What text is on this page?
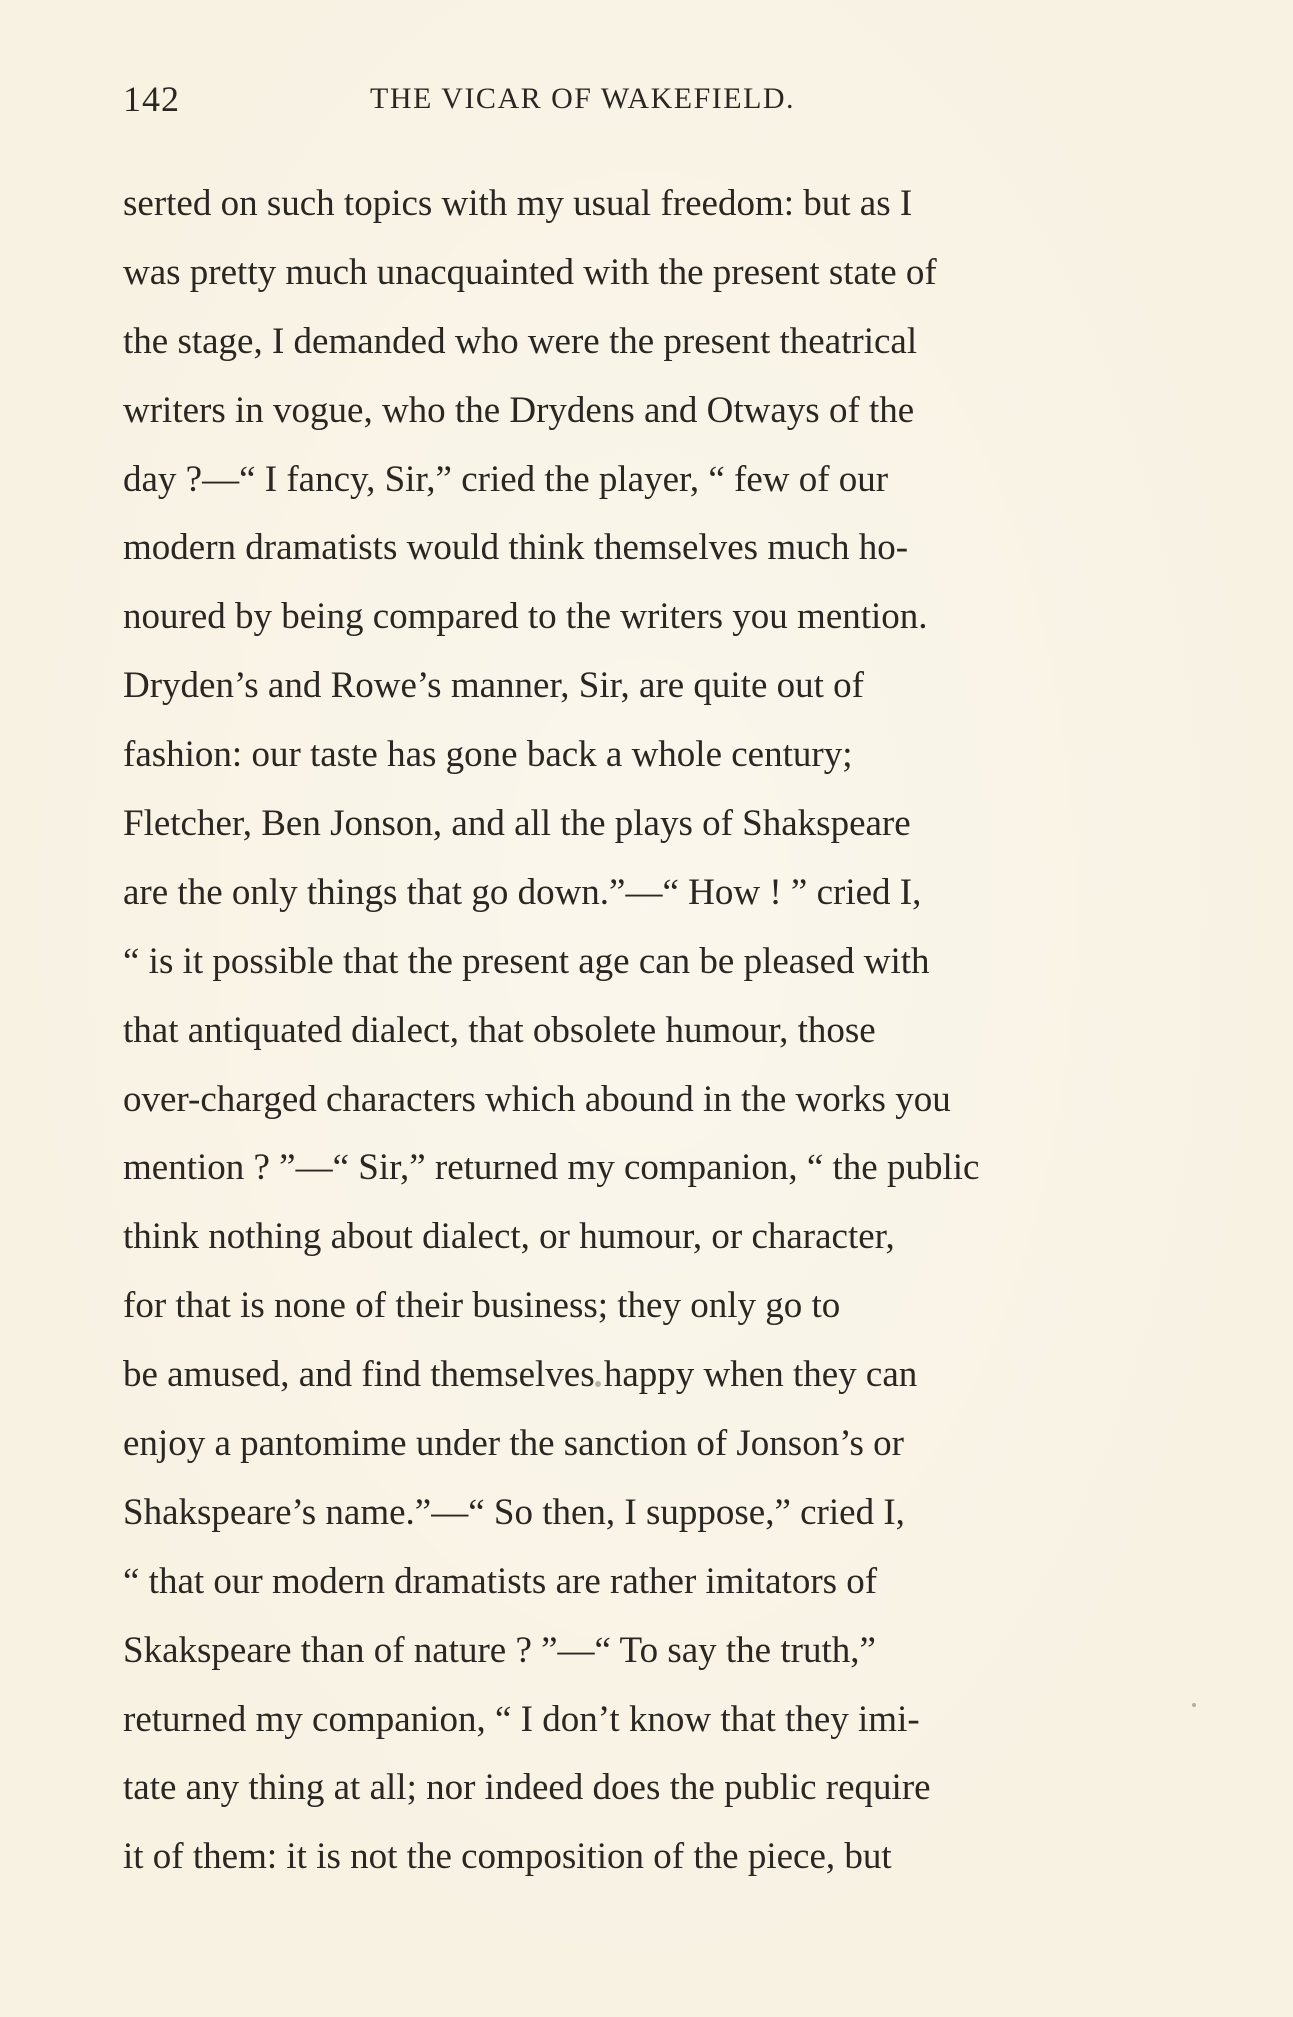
142	THE VICAR OF WAKEFIELD.
serted on such topics with my usual freedom: but as I
was pretty much unacquainted with the present state of
the stage, I demanded who were the present theatrical
writers in vogue, who the Drydens and Otways of the
day ?—“ I fancy, Sir,” cried the player, “ few of our
modern dramatists would think themselves much ho-
noured by being compared to the writers you mention.
Dryden’s and Rowe’s manner, Sir, are quite out of
fashion: our taste has gone back a whole century;
Fletcher, Ben Jonson, and all the plays of Shakspeare
are the only things that go down.”—“ How ! ” cried I,
“ is it possible that the present age can be pleased with
that antiquated dialect, that obsolete humour, those
over-charged characters which abound in the works you
mention ? ”—“ Sir,” returned my companion, “ the public
think nothing about dialect, or humour, or character,
for that is none of their business; they only go to
be amused, and find themselves happy when they can
enjoy a pantomime under the sanction of Jonson’s or
Shakspeare’s name.”—“ So then, I suppose,” cried I,
“ that our modern dramatists are rather imitators of
Skakspeare than of nature ? ”—“ To say the truth,”
returned my companion, “ I don’t know that they imi-
tate any thing at all; nor indeed does the public require
it of them: it is not the composition of the piece, but
